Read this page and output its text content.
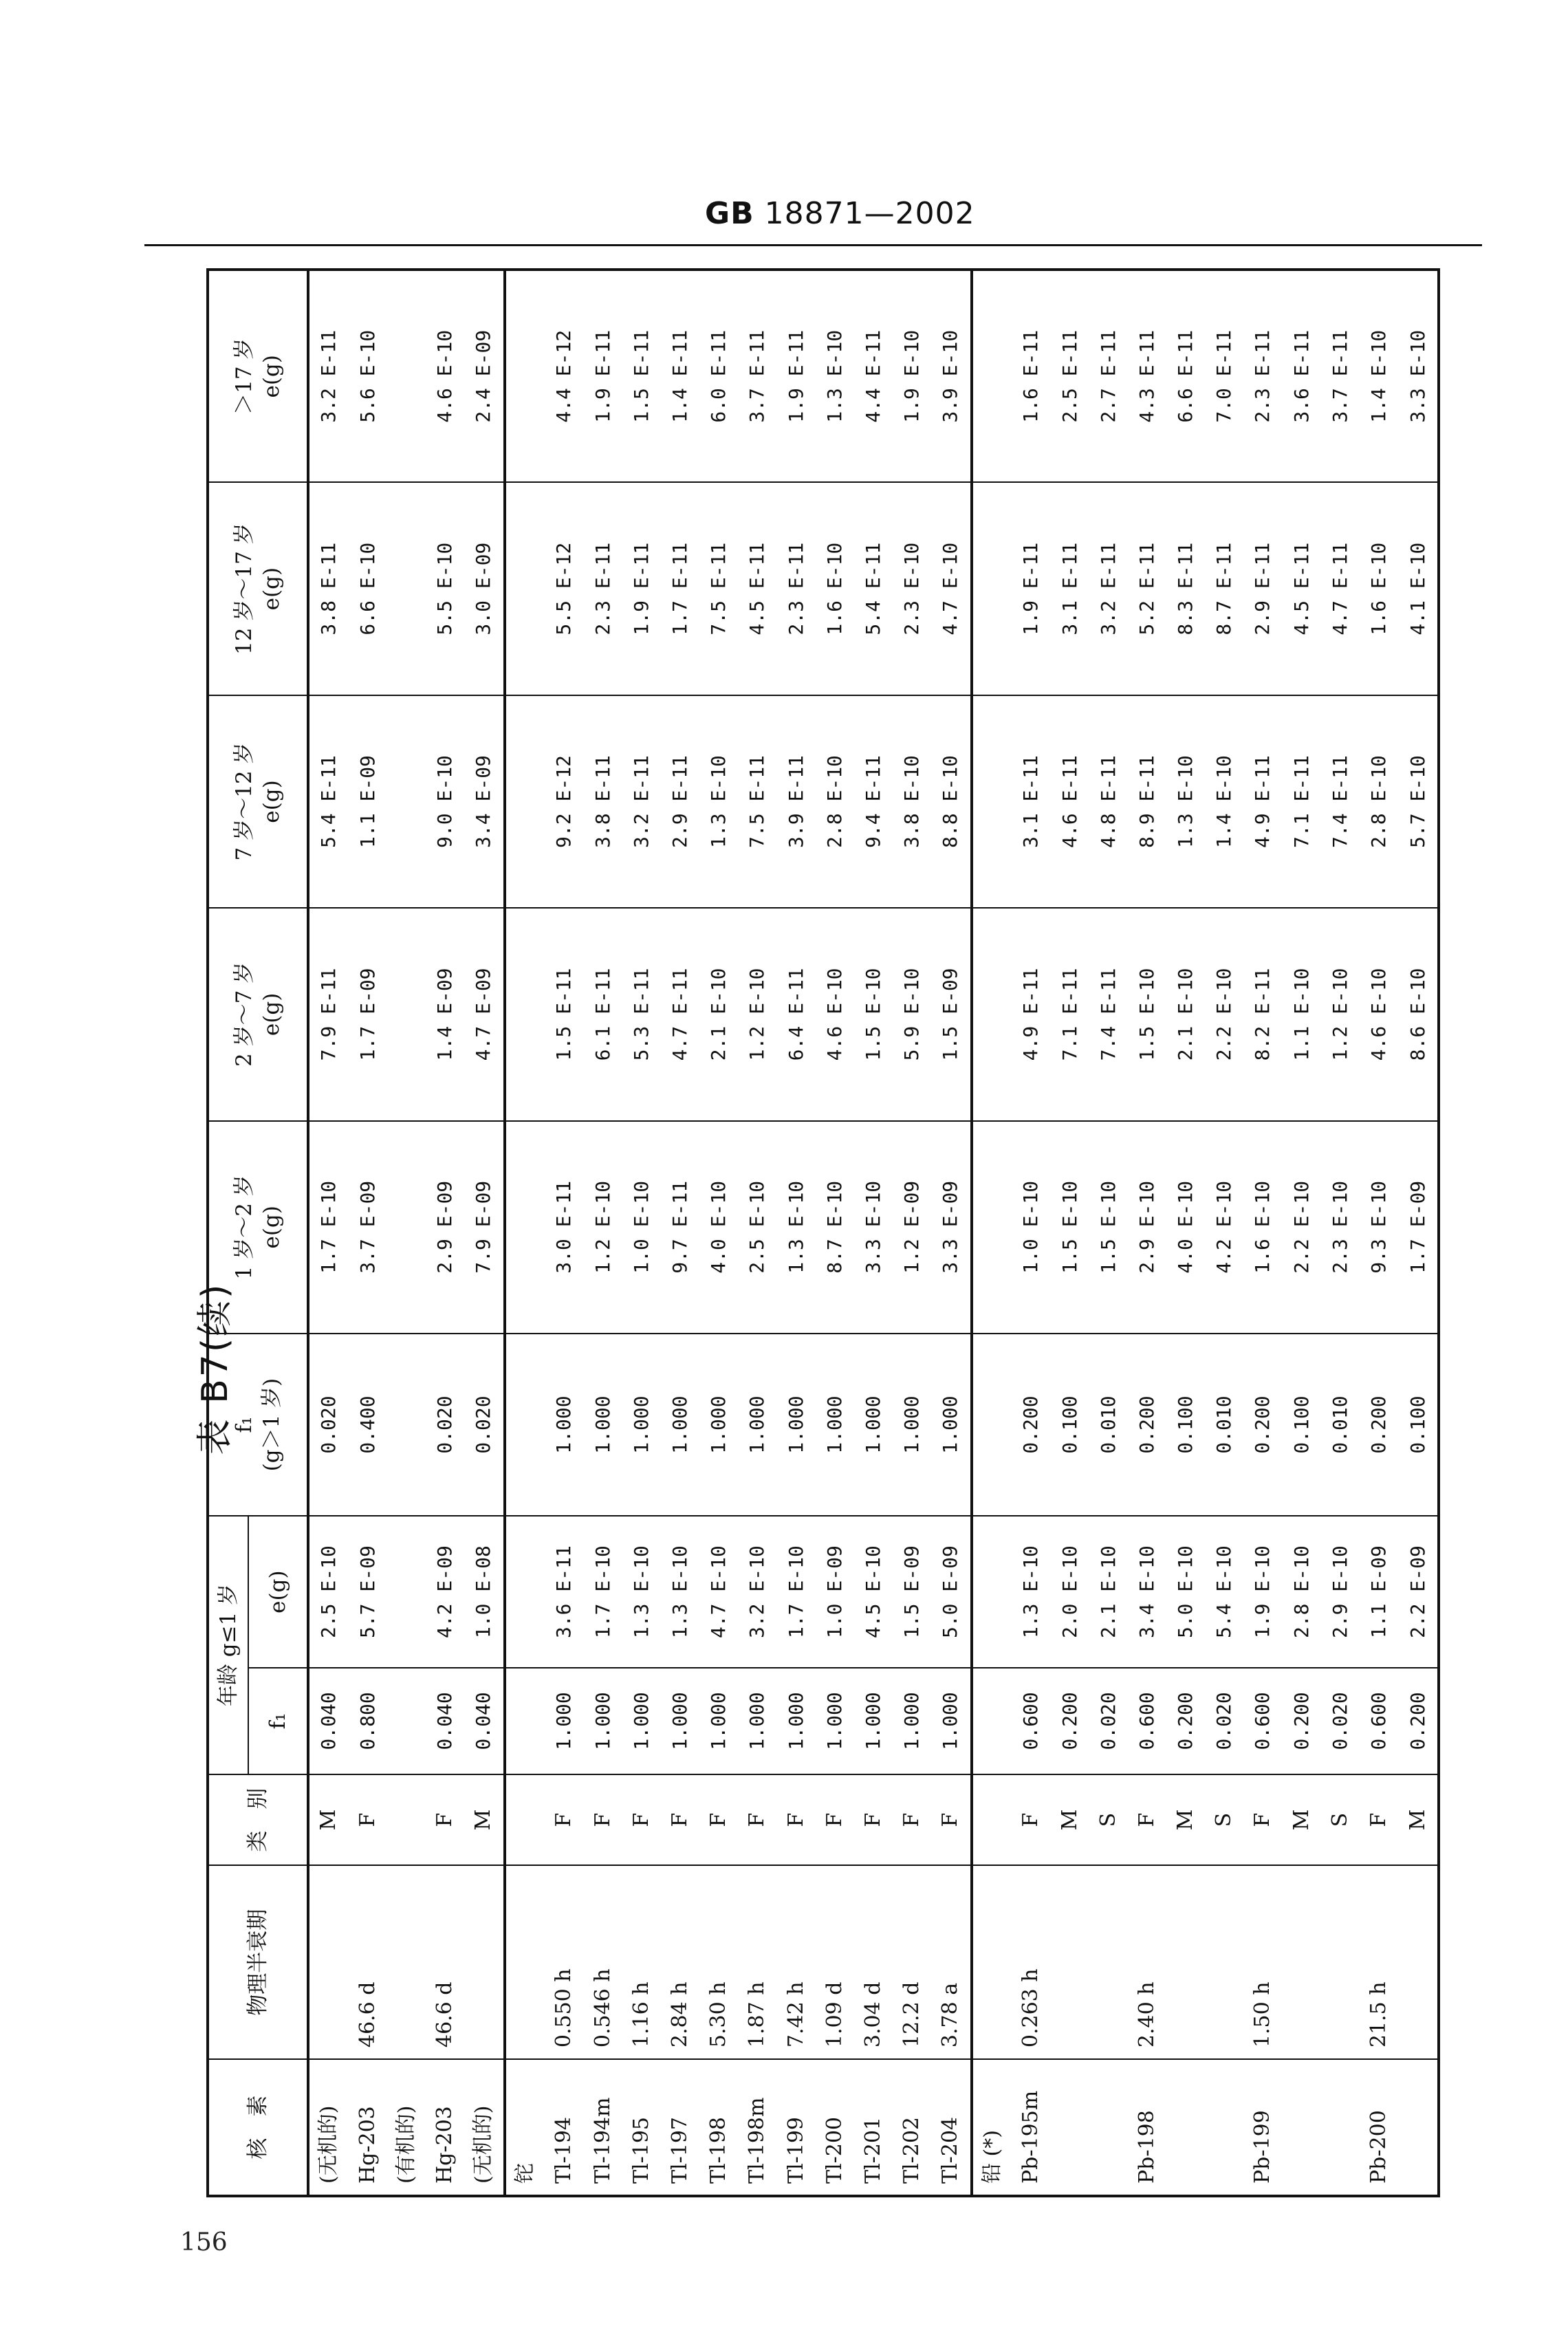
GB 18871—2002
表 B7(续)
核　素	物理半衰期	类　别	年龄 g≤1 岁		f₁ (g＞1 岁)	1 岁～2 岁 e(g)	2 岁～7 岁 e(g)	7 岁～12 岁 e(g)	12 岁～17 岁 e(g)	＞17 岁 e(g)
			f₁	e(g)						
(无机的)		M	0.040	2.5 E-10	0.020	1.7 E-10	7.9 E-11	5.4 E-11	3.8 E-11	3.2 E-11
Hg-203	46.6 d	F	0.800	5.7 E-09	0.400	3.7 E-09	1.7 E-09	1.1 E-09	6.6 E-10	5.6 E-10
(有机的)										
Hg-203	46.6 d	F	0.040	4.2 E-09	0.020	2.9 E-09	1.4 E-09	9.0 E-10	5.5 E-10	4.6 E-10
(无机的)		M	0.040	1.0 E-08	0.020	7.9 E-09	4.7 E-09	3.4 E-09	3.0 E-09	2.4 E-09
铊										
Tl-194	0.550 h	F	1.000	3.6 E-11	1.000	3.0 E-11	1.5 E-11	9.2 E-12	5.5 E-12	4.4 E-12
Tl-194m	0.546 h	F	1.000	1.7 E-10	1.000	1.2 E-10	6.1 E-11	3.8 E-11	2.3 E-11	1.9 E-11
Tl-195	1.16 h	F	1.000	1.3 E-10	1.000	1.0 E-10	5.3 E-11	3.2 E-11	1.9 E-11	1.5 E-11
Tl-197	2.84 h	F	1.000	1.3 E-10	1.000	9.7 E-11	4.7 E-11	2.9 E-11	1.7 E-11	1.4 E-11
Tl-198	5.30 h	F	1.000	4.7 E-10	1.000	4.0 E-10	2.1 E-10	1.3 E-10	7.5 E-11	6.0 E-11
Tl-198m	1.87 h	F	1.000	3.2 E-10	1.000	2.5 E-10	1.2 E-10	7.5 E-11	4.5 E-11	3.7 E-11
Tl-199	7.42 h	F	1.000	1.7 E-10	1.000	1.3 E-10	6.4 E-11	3.9 E-11	2.3 E-11	1.9 E-11
Tl-200	1.09 d	F	1.000	1.0 E-09	1.000	8.7 E-10	4.6 E-10	2.8 E-10	1.6 E-10	1.3 E-10
Tl-201	3.04 d	F	1.000	4.5 E-10	1.000	3.3 E-10	1.5 E-10	9.4 E-11	5.4 E-11	4.4 E-11
Tl-202	12.2 d	F	1.000	1.5 E-09	1.000	1.2 E-09	5.9 E-10	3.8 E-10	2.3 E-10	1.9 E-10
Tl-204	3.78 a	F	1.000	5.0 E-09	1.000	3.3 E-09	1.5 E-09	8.8 E-10	4.7 E-10	3.9 E-10
铅 (*)										
Pb-195m	0.263 h	F	0.600	1.3 E-10	0.200	1.0 E-10	4.9 E-11	3.1 E-11	1.9 E-11	1.6 E-11
		M	0.200	2.0 E-10	0.100	1.5 E-10	7.1 E-11	4.6 E-11	3.1 E-11	2.5 E-11
		S	0.020	2.1 E-10	0.010	1.5 E-10	7.4 E-11	4.8 E-11	3.2 E-11	2.7 E-11
Pb-198	2.40 h	F	0.600	3.4 E-10	0.200	2.9 E-10	1.5 E-10	8.9 E-11	5.2 E-11	4.3 E-11
		M	0.200	5.0 E-10	0.100	4.0 E-10	2.1 E-10	1.3 E-10	8.3 E-11	6.6 E-11
		S	0.020	5.4 E-10	0.010	4.2 E-10	2.2 E-10	1.4 E-10	8.7 E-11	7.0 E-11
Pb-199	1.50 h	F	0.600	1.9 E-10	0.200	1.6 E-10	8.2 E-11	4.9 E-11	2.9 E-11	2.3 E-11
		M	0.200	2.8 E-10	0.100	2.2 E-10	1.1 E-10	7.1 E-11	4.5 E-11	3.6 E-11
		S	0.020	2.9 E-10	0.010	2.3 E-10	1.2 E-10	7.4 E-11	4.7 E-11	3.7 E-11
Pb-200	21.5 h	F	0.600	1.1 E-09	0.200	9.3 E-10	4.6 E-10	2.8 E-10	1.6 E-10	1.4 E-10
		M	0.200	2.2 E-09	0.100	1.7 E-09	8.6 E-10	5.7 E-10	4.1 E-10	3.3 E-10
156
